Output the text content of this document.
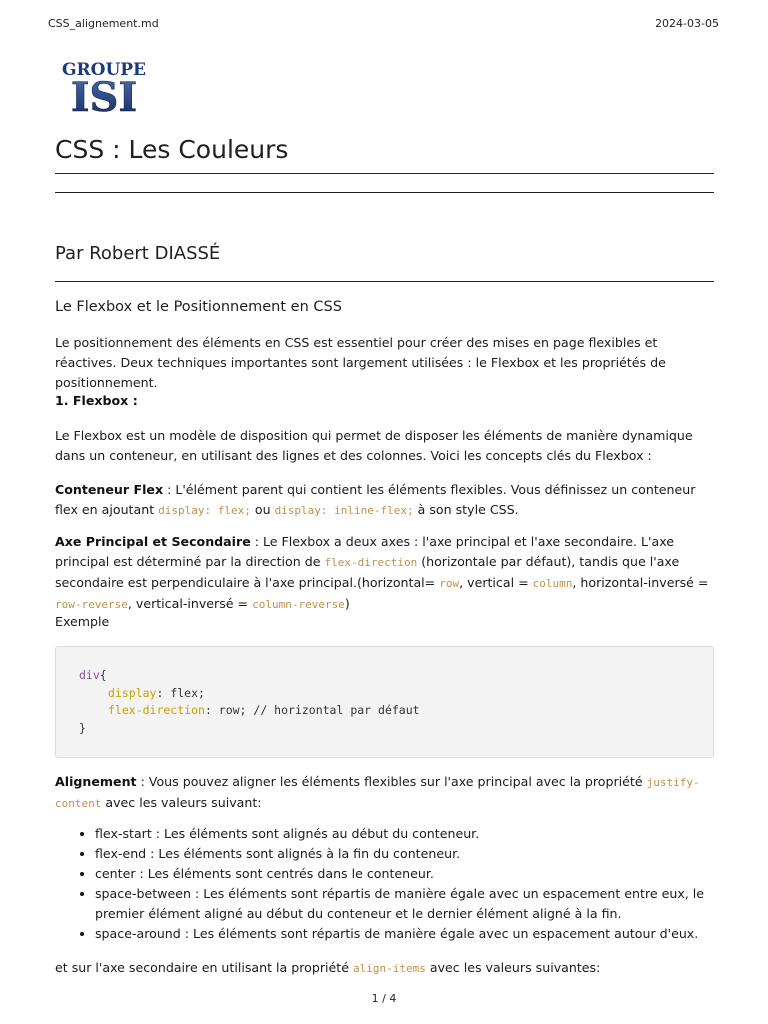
CSS_alignement.md	2024-03-05
GROUPE
ISI
CSS : Les Couleurs
Par Robert DIASSÉ
Le Flexbox et le Positionnement en CSS
Le positionnement des éléments en CSS est essentiel pour créer des mises en page flexibles et réactives. Deux techniques importantes sont largement utilisées : le Flexbox et les propriétés de positionnement.
1. Flexbox :
Le Flexbox est un modèle de disposition qui permet de disposer les éléments de manière dynamique dans un conteneur, en utilisant des lignes et des colonnes. Voici les concepts clés du Flexbox :
Conteneur Flex : L'élément parent qui contient les éléments flexibles. Vous définissez un conteneur flex en ajoutant display: flex; ou display: inline-flex; à son style CSS.
Axe Principal et Secondaire : Le Flexbox a deux axes : l'axe principal et l'axe secondaire. L'axe principal est déterminé par la direction de flex-direction (horizontale par défaut), tandis que l'axe secondaire est perpendiculaire à l'axe principal.(horizontal= row, vertical = column, horizontal-inversé = row-reverse, vertical-inversé = column-reverse)
Exemple
div{
display: flex;
flex-direction: row; // horizontal par défaut
}
Alignement : Vous pouvez aligner les éléments flexibles sur l'axe principal avec la propriété justify-content avec les valeurs suivant:
• flex-start : Les éléments sont alignés au début du conteneur.
• flex-end : Les éléments sont alignés à la fin du conteneur.
• center : Les éléments sont centrés dans le conteneur.
• space-between : Les éléments sont répartis de manière égale avec un espacement entre eux, le premier élément aligné au début du conteneur et le dernier élément aligné à la fin.
• space-around : Les éléments sont répartis de manière égale avec un espacement autour d'eux.
et sur l'axe secondaire en utilisant la propriété align-items avec les valeurs suivantes:
1 / 4
